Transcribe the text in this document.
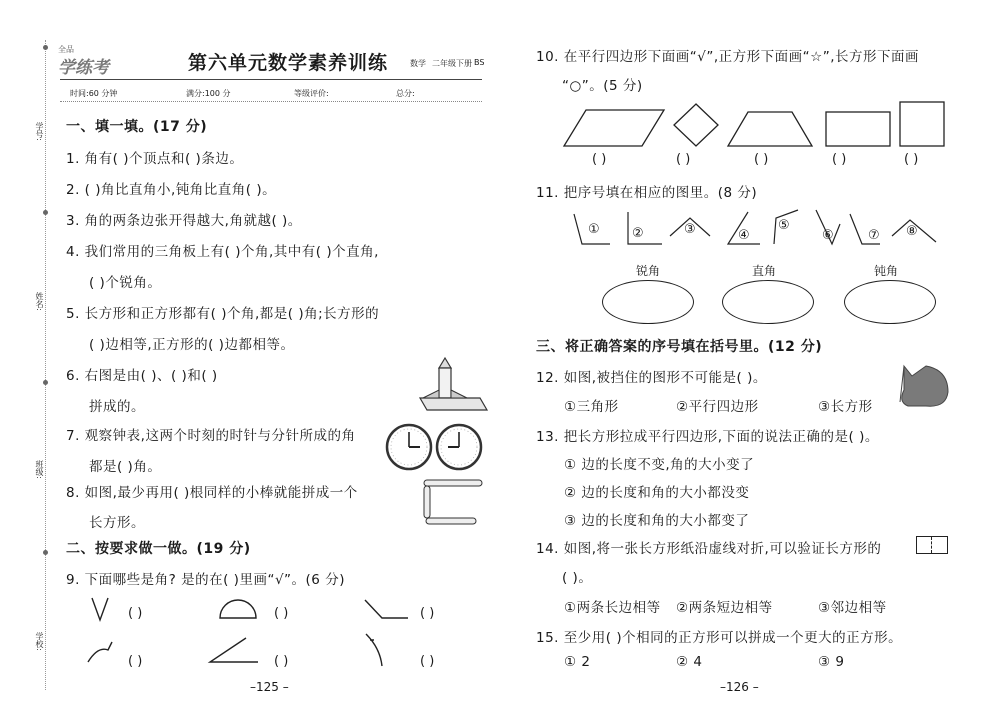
学号:
姓名:
班级:
学校:
全品
学练考	第六单元数学素养训练	数学 二年级下册 BS
时间:60 分钟	满分:100 分	等级评价:	总分:
一、填一填。(17 分)
1. 角有( )个顶点和( )条边。
2. ( )角比直角小,钝角比直角( )。
3. 角的两条边张开得越大,角就越( )。
4. 我们常用的三角板上有( )个角,其中有( )个直角,
( )个锐角。
5. 长方形和正方形都有( )个角,都是( )角;长方形的
( )边相等,正方形的( )边都相等。
6. 右图是由( )、( )和( )
拼成的。
7. 观察钟表,这两个时刻的时针与分针所成的角
都是( )角。
8. 如图,最少再用( )根同样的小棒就能拼成一个
长方形。
二、按要求做一做。(19 分)
9. 下面哪些是角? 是的在( )里画“√”。(6 分)
( )	( )	( )
( )	( )	( )
–125 –
10. 在平行四边形下面画“√”,正方形下面画“☆”,长方形下面画
“○”。(5 分)
( )	( )	( )	( )	( )
11. 把序号填在相应的图里。(8 分)
① ②	③	④
⑤
⑥	⑦ ⑧
锐角	直角	钝角
三、将正确答案的序号填在括号里。(12 分)
12. 如图,被挡住的图形不可能是( )。
①三角形	②平行四边形	③长方形
13. 把长方形拉成平行四边形,下面的说法正确的是( )。
① 边的长度不变,角的大小变了
② 边的长度和角的大小都没变
③ 边的长度和角的大小都变了
14. 如图,将一张长方形纸沿虚线对折,可以验证长方形的
( )。
①两条长边相等 ②两条短边相等	③邻边相等
15. 至少用( )个相同的正方形可以拼成一个更大的正方形。
① 2	② 4	③ 9
–126 –
